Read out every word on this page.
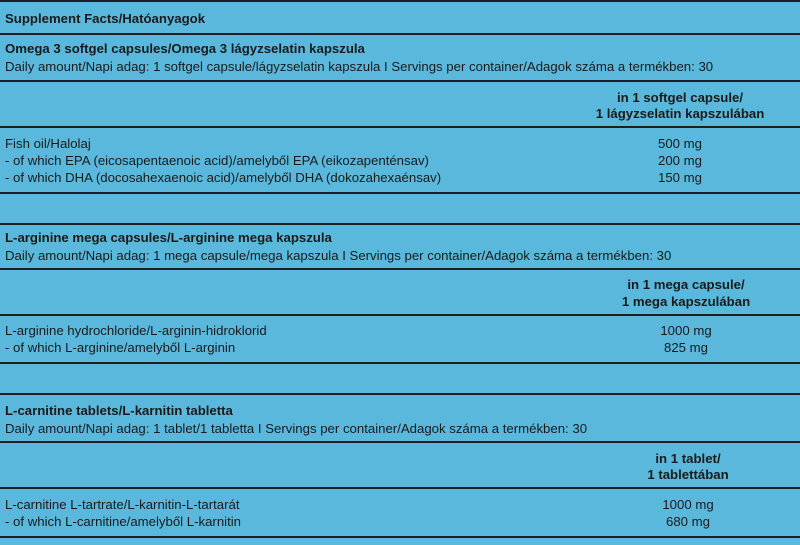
Supplement Facts/Hatóanyagok
Omega 3 softgel capsules/Omega 3 lágyzselatin kapszula
Daily amount/Napi adag: 1 softgel capsule/lágyzselatin kapszula I Servings per container/Adagok száma a termékben: 30
in 1 softgel capsule/
1 lágyzselatin kapszulában
Fish oil/Halolaj	500 mg
- of which EPA (eicosapentaenoic acid)/amelyből EPA (eikozapenténsav)	200 mg
- of which DHA (docosahexaenoic acid)/amelyből DHA (dokozahexaénsav)	150 mg
L-arginine mega capsules/L-arginine mega kapszula
Daily amount/Napi adag: 1 mega capsule/mega kapszula I Servings per container/Adagok száma a termékben: 30
in 1 mega capsule/
1 mega kapszulában
L-arginine hydrochloride/L-arginin-hidroklorid	1000 mg
- of which L-arginine/amelyből L-arginin	825 mg
L-carnitine tablets/L-karnitin tabletta
Daily amount/Napi adag: 1 tablet/1 tabletta I Servings per container/Adagok száma a termékben: 30
in 1 tablet/
1 tablettában
L-carnitine L-tartrate/L-karnitin-L-tartarát	1000 mg
- of which L-carnitine/amelyből L-karnitin	680 mg
